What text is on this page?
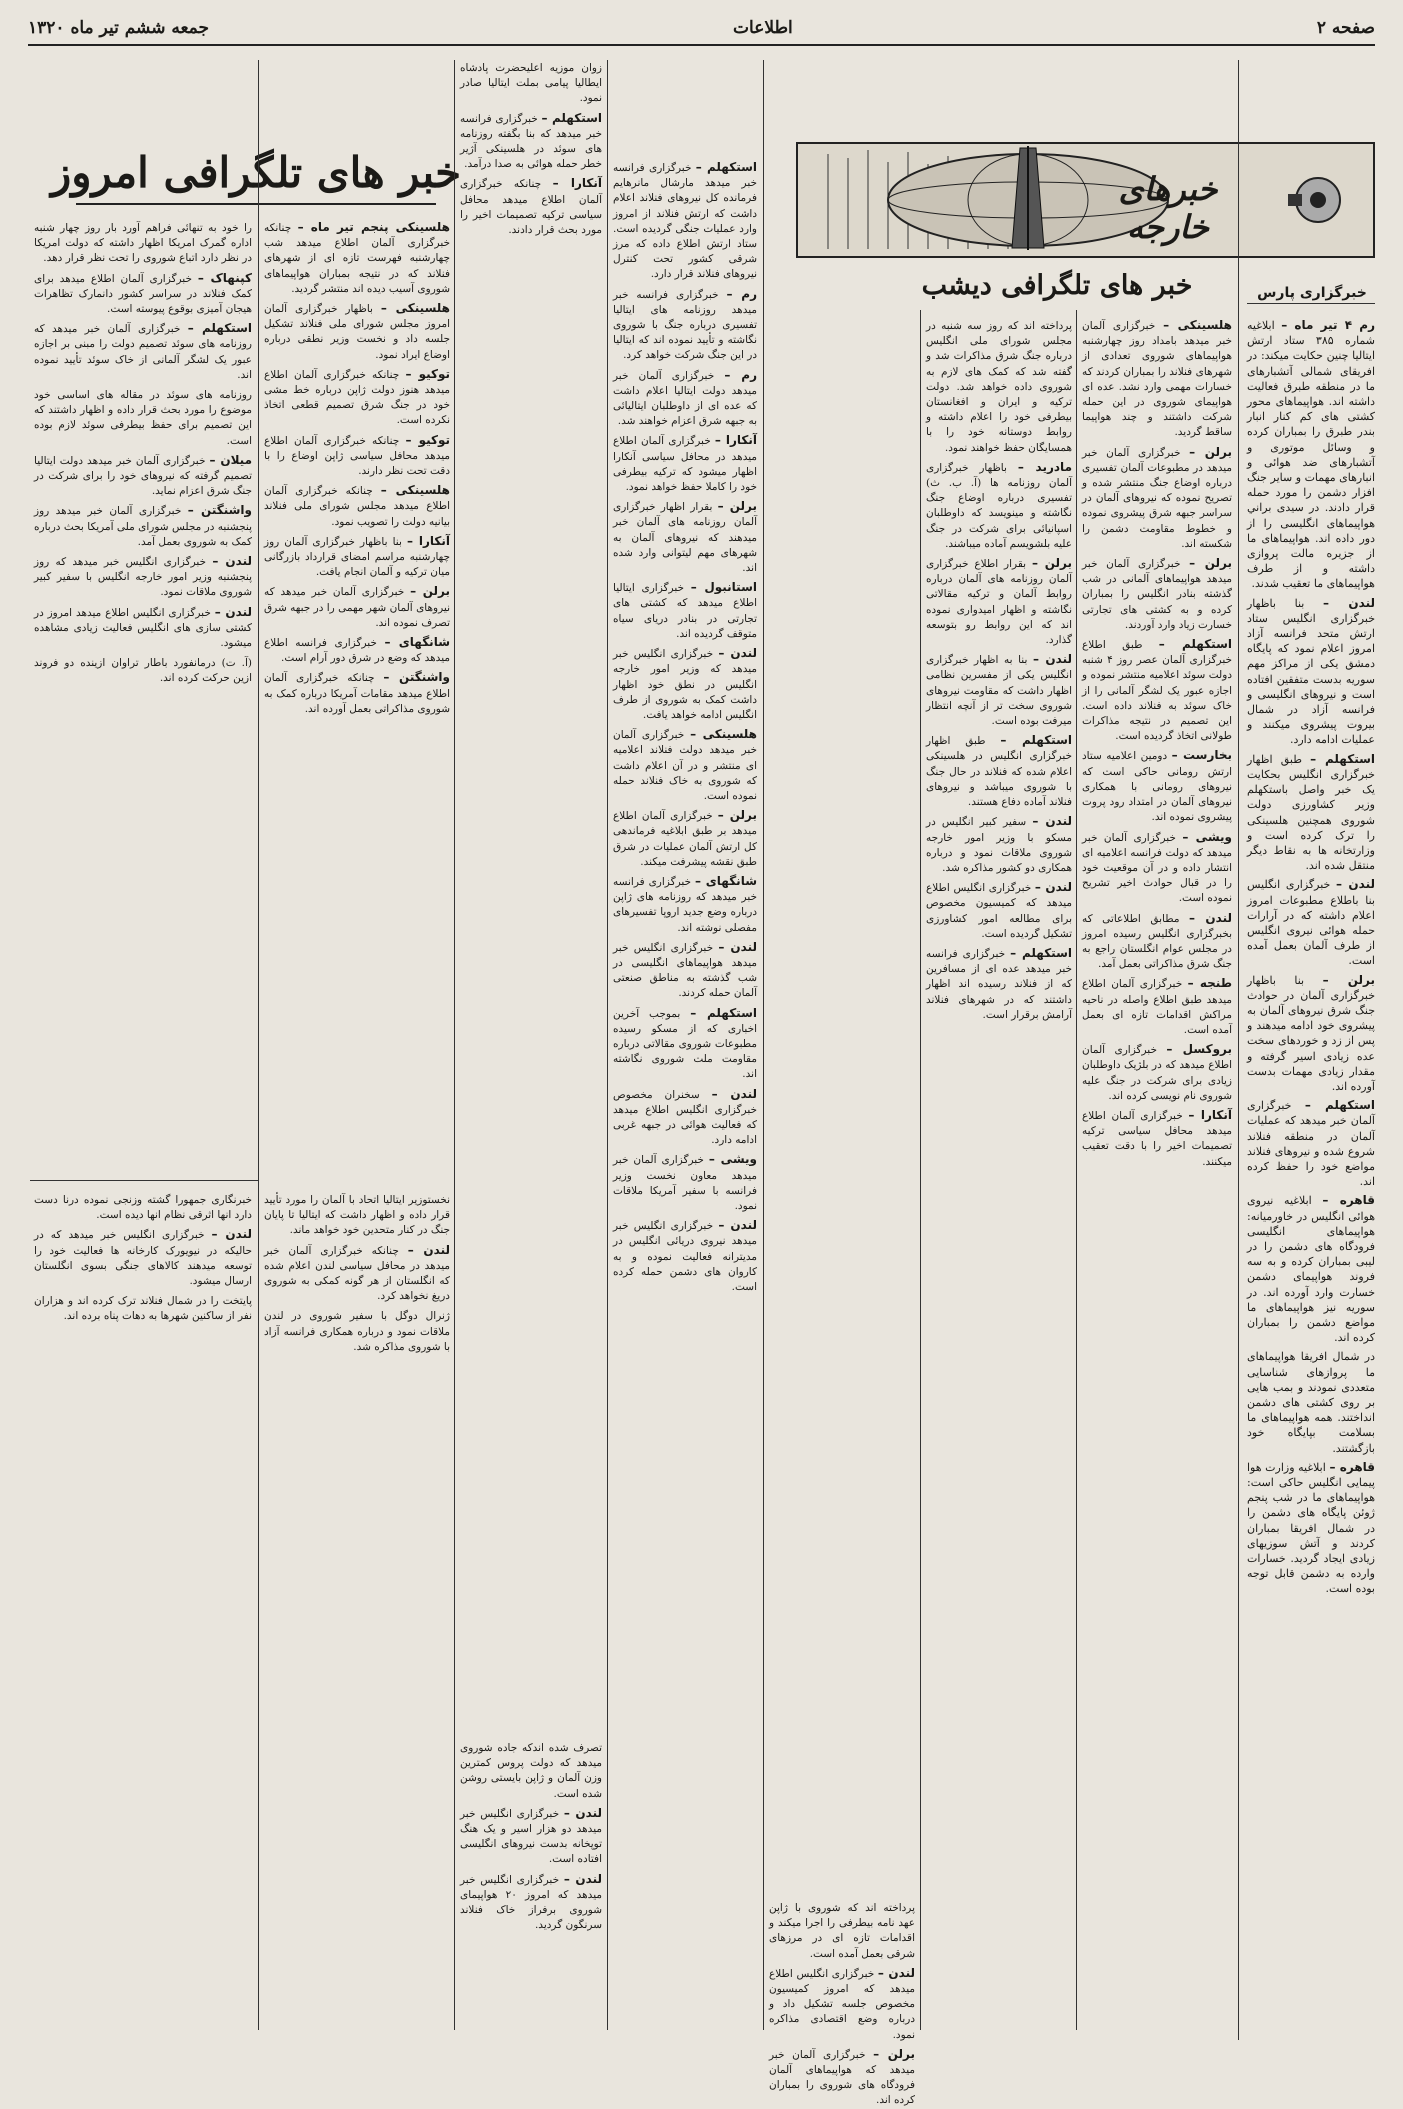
صفحه ۲
اطلاعات
جمعه ششم تیر ماه ۱۳۲۰
خبرهای خارجه
خبرگزاری پارس
خبر های تلگرافی دیشب
خبر های تلگرافی امروز
رم ۴ تیر ماه – ابلاغیه شماره ۳۸۵ ستاد ارتش ایتالیا چنین حکایت میکند: در افریقای شمالی آتشبارهای ما در منطقه طبرق فعالیت داشته اند. هواپیماهای محور کشتی های کم کنار انبار بندر طبرق را بمباران کرده و وسائل موتوری و آتشبارهای ضد هوائی و انبارهای مهمات و سایر جنگ افزار دشمن را مورد حمله قرار دادند. در سیدی براني هواپیماهای انگلیسی را از دور داده اند. هواپیماهای ما از جزیره مالت پروازی داشته و از طرف هواپیماهای ما تعقیب شدند.
لندن – بنا باظهار خبرگزاری انگلیس ستاد ارتش متحد فرانسه آزاد امروز اعلام نمود که پایگاه دمشق یکی از مراکز مهم سوریه بدست متفقین افتاده است و نیروهای انگلیسی و فرانسه آزاد در شمال بیروت پیشروی میکنند و عملیات ادامه دارد.
استکهلم – طبق اظهار خبرگزاری انگلیس بحکایت یک خبر واصل باستکهلم وزیر کشاورزی دولت شوروی همچنین هلسینکی را ترک کرده است و وزارتخانه ها به نقاط دیگر منتقل شده اند.
لندن – خبرگزاری انگلیس بنا باطلاع مطبوعات امروز اعلام داشته که در آرارات حمله هوائی نیروی انگلیس از طرف آلمان بعمل آمده است.
برلن – بنا باظهار خبرگزاری آلمان در حوادث جنگ شرق نیروهای آلمان به پیشروی خود ادامه میدهند و پس از زد و خوردهای سخت عده زیادی اسیر گرفته و مقدار زیادی مهمات بدست آورده اند.
استکهلم – خبرگزاری آلمان خبر میدهد که عملیات آلمان در منطقه فنلاند شروع شده و نیروهای فنلاند مواضع خود را حفظ کرده اند.
قاهره – ابلاغیه نیروی هوائی انگلیس در خاورمیانه: هواپیماهای انگلیسی فرودگاه های دشمن را در لیبی بمباران کرده و به سه فروند هواپیمای دشمن خسارت وارد آورده اند. در سوریه نیز هواپیماهای ما مواضع دشمن را بمباران کرده اند.
در شمال افریقا هواپیماهای ما پروازهای شناسایی متعددی نمودند و بمب هایی بر روی کشتی های دشمن انداختند. همه هواپیماهای ما بسلامت بپایگاه خود بازگشتند.
قاهره – ابلاغیه وزارت هوا پیمایی انگلیس حاکی است: هواپیماهای ما در شب پنجم ژوئن پایگاه های دشمن را در شمال افریقا بمباران کردند و آتش سوزیهای زیادی ایجاد گردید. خسارات وارده به دشمن قابل توجه بوده است.
هلسینکی – خبرگزاری آلمان خبر میدهد بامداد روز چهارشنبه هواپیماهای شوروی تعدادی از شهرهای فنلاند را بمباران کردند که خسارات مهمی وارد نشد. عده ای هواپیمای شوروی در این حمله شرکت داشتند و چند هواپیما ساقط گردید.
برلن – خبرگزاری آلمان خبر میدهد در مطبوعات آلمان تفسیری درباره اوضاع جنگ منتشر شده و تصریح نموده که نیروهای آلمان در سراسر جبهه شرق پیشروی نموده و خطوط مقاومت دشمن را شکسته اند.
برلن – خبرگزاری آلمان خبر میدهد هواپیماهای آلمانی در شب گذشته بنادر انگلیس را بمباران کرده و به کشتی های تجارتی خسارت زیاد وارد آوردند.
استکهلم – طبق اطلاع خبرگزاری آلمان عصر روز ۴ شنبه دولت سوئد اعلامیه منتشر نموده و اجازه عبور یک لشگر آلمانی را از خاک سوئد به فنلاند داده است. این تصمیم در نتیجه مذاکرات طولانی اتخاذ گردیده است.
بخارست – دومین اعلامیه ستاد ارتش رومانی حاکی است که نیروهای رومانی با همکاری نیروهای آلمان در امتداد رود پروت پیشروی نموده اند.
ویشی – خبرگزاری آلمان خبر میدهد که دولت فرانسه اعلامیه ای انتشار داده و در آن موقعیت خود را در قبال حوادث اخیر تشریح نموده است.
لندن – مطابق اطلاعاتی که بخبرگزاری انگلیس رسیده امروز در مجلس عوام انگلستان راجع به جنگ شرق مذاکراتی بعمل آمد.
طنجه – خبرگزاری آلمان اطلاع میدهد طبق اطلاع واصله در ناحیه مراکش اقدامات تازه ای بعمل آمده است.
بروکسل – خبرگزاری آلمان اطلاع میدهد که در بلژیک داوطلبان زیادی برای شرکت در جنگ علیه شوروی نام نویسی کرده اند.
آنکارا – خبرگزاری آلمان اطلاع میدهد محافل سیاسی ترکیه تصمیمات اخیر را با دقت تعقیب میکنند.
پرداخته اند که روز سه شنبه در مجلس شورای ملی انگلیس درباره جنگ شرق مذاکرات شد و گفته شد که کمک های لازم به شوروی داده خواهد شد. دولت ترکیه و ایران و افغانستان بیطرفی خود را اعلام داشته و روابط دوستانه خود را با همسایگان حفظ خواهند نمود.
مادرید – باظهار خبرگزاری آلمان روزنامه ها (آ. ب. ث) تفسیری درباره اوضاع جنگ نگاشته و مینویسد که داوطلبان اسپانیائی برای شرکت در جنگ علیه بلشویسم آماده میباشند.
برلن – بقرار اطلاع خبرگزاری آلمان روزنامه های آلمان درباره روابط آلمان و ترکیه مقالاتی نگاشته و اظهار امیدواری نموده اند که این روابط رو بتوسعه گذارد.
لندن – بنا به اظهار خبرگزاری انگلیس یکی از مفسرین نظامی اظهار داشت که مقاومت نیروهای شوروی سخت تر از آنچه انتظار میرفت بوده است.
استکهلم – طبق اظهار خبرگزاری انگلیس در هلسینکی اعلام شده که فنلاند در حال جنگ با شوروی میباشد و نیروهای فنلاند آماده دفاع هستند.
لندن – سفیر کبیر انگلیس در مسکو با وزیر امور خارجه شوروی ملاقات نمود و درباره همکاری دو کشور مذاکره شد.
لندن – خبرگزاری انگلیس اطلاع میدهد که کمیسیون مخصوص برای مطالعه امور کشاورزی تشکیل گردیده است.
استکهلم – خبرگزاری فرانسه خبر میدهد عده ای از مسافرین که از فنلاند رسیده اند اظهار داشتند که در شهرهای فنلاند آرامش برقرار است.
استکهلم – خبرگزاری فرانسه خبر میدهد مارشال مانرهایم فرمانده کل نیروهای فنلاند اعلام داشت که ارتش فنلاند از امروز وارد عملیات جنگی گردیده است. ستاد ارتش اطلاع داده که مرز شرقی کشور تحت کنترل نیروهای فنلاند قرار دارد.
رم – خبرگزاری فرانسه خبر میدهد روزنامه های ایتالیا تفسیری درباره جنگ با شوروی نگاشته و تأیید نموده اند که ایتالیا در این جنگ شرکت خواهد کرد.
رم – خبرگزاری آلمان خبر میدهد دولت ایتالیا اعلام داشت که عده ای از داوطلبان ایتالیائی به جبهه شرق اعزام خواهند شد.
آنکارا – خبرگزاری آلمان اطلاع میدهد در محافل سیاسی آنکارا اظهار میشود که ترکیه بیطرفی خود را کاملا حفظ خواهد نمود.
برلن – بقرار اظهار خبرگزاری آلمان روزنامه های آلمان خبر میدهند که نیروهای آلمان به شهرهای مهم لیتوانی وارد شده اند.
استانبول – خبرگزاری ایتالیا اطلاع میدهد که کشتی های تجارتی در بنادر دریای سیاه متوقف گردیده اند.
لندن – خبرگزاری انگلیس خبر میدهد که وزیر امور خارجه انگلیس در نطق خود اظهار داشت کمک به شوروی از طرف انگلیس ادامه خواهد یافت.
هلسینکی – خبرگزاری آلمان خبر میدهد دولت فنلاند اعلامیه ای منتشر و در آن اعلام داشت که شوروی به خاک فنلاند حمله نموده است.
برلن – خبرگزاری آلمان اطلاع میدهد بر طبق ابلاغیه فرماندهی کل ارتش آلمان عملیات در شرق طبق نقشه پیشرفت میکند.
شانگهای – خبرگزاری فرانسه خبر میدهد که روزنامه های ژاپن درباره وضع جدید اروپا تفسیرهای مفصلی نوشته اند.
لندن – خبرگزاری انگلیس خبر میدهد هواپیماهای انگلیسی در شب گذشته به مناطق صنعتی آلمان حمله کردند.
استکهلم – بموجب آخرین اخباری که از مسکو رسیده مطبوعات شوروی مقالاتی درباره مقاومت ملت شوروی نگاشته اند.
لندن – سخنران مخصوص خبرگزاری انگلیس اطلاع میدهد که فعالیت هوائی در جبهه غربی ادامه دارد.
ویشی – خبرگزاری آلمان خبر میدهد معاون نخست وزیر فرانسه با سفیر آمریکا ملاقات نمود.
لندن – خبرگزاری انگلیس خبر میدهد نیروی دریائی انگلیس در مدیترانه فعالیت نموده و به کاروان های دشمن حمله کرده است.
هلسینکی پنجم تیر ماه – چنانکه خبرگزاری آلمان اطلاع میدهد شب چهارشنبه فهرست تازه ای از شهرهای فنلاند که در نتیجه بمباران هواپیماهای شوروی آسیب دیده اند منتشر گردید.
هلسینکی – باظهار خبرگزاری آلمان امروز مجلس شورای ملی فنلاند تشکیل جلسه داد و نخست وزیر نطقی درباره اوضاع ایراد نمود.
توکیو – چنانکه خبرگزاری آلمان اطلاع میدهد هنوز دولت ژاپن درباره خط مشی خود در جنگ شرق تصمیم قطعی اتخاذ نکرده است.
توکیو – چنانکه خبرگزاری آلمان اطلاع میدهد محافل سیاسی ژاپن اوضاع را با دقت تحت نظر دارند.
هلسینکی – چنانکه خبرگزاری آلمان اطلاع میدهد مجلس شورای ملی فنلاند بیانیه دولت را تصویب نمود.
آنکارا – بنا باظهار خبرگزاری آلمان روز چهارشنبه مراسم امضای قرارداد بازرگانی میان ترکیه و آلمان انجام یافت.
برلن – خبرگزاری آلمان خبر میدهد که نیروهای آلمان شهر مهمی را در جبهه شرق تصرف نموده اند.
شانگهای – خبرگزاری فرانسه اطلاع میدهد که وضع در شرق دور آرام است.
واشنگتن – چنانکه خبرگزاری آلمان اطلاع میدهد مقامات آمریکا درباره کمک به شوروی مذاکراتی بعمل آورده اند.
را خود به تنهائی فراهم آورد بار روز چهار شنبه اداره گمرک امریکا اظهار داشته که دولت امریکا در نظر دارد اتباع شوروی را تحت نظر قرار دهد.
کپنهاک – خبرگزاری آلمان اطلاع میدهد برای کمک فنلاند در سراسر کشور دانمارک تظاهرات هیجان آمیزی بوقوع پیوسته است.
استکهلم – خبرگزاری آلمان خبر میدهد که روزنامه های سوئد تصمیم دولت را مبنی بر اجازه عبور یک لشگر آلمانی از خاک سوئد تأیید نموده اند.
روزنامه های سوئد در مقاله های اساسی خود موضوع را مورد بحث قرار داده و اظهار داشتند که این تصمیم برای حفظ بیطرفی سوئد لازم بوده است.
میلان – خبرگزاری آلمان خبر میدهد دولت ایتالیا تصمیم گرفته که نیروهای خود را برای شرکت در جنگ شرق اعزام نماید.
واشنگتن – خبرگزاری آلمان خبر میدهد روز پنجشنبه در مجلس شورای ملی آمریکا بحث درباره کمک به شوروی بعمل آمد.
لندن – خبرگزاری انگلیس خبر میدهد که روز پنجشنبه وزیر امور خارجه انگلیس با سفیر کبیر شوروی ملاقات نمود.
لندن – خبرگزاری انگلیس اطلاع میدهد امروز در کشتی سازی های انگلیس فعالیت زیادی مشاهده میشود.
(آ. ت) درمانفورد باطار تراوان ازینده دو فروند ازین حرکت کرده اند.
خبرنگاری جمهورا گشته وزنجی نموده درنا دست دارد انها اثرقی نظام انها دیده است.
لندن – خبرگزاری انگلیس خبر میدهد که در حالیکه در نیویورک کارخانه ها فعالیت خود را توسعه میدهند کالاهای جنگی بسوی انگلستان ارسال میشود.
پایتخت را در شمال فنلاند ترک کرده اند و هزاران نفر از ساکنین شهرها به دهات پناه برده اند.
نخستوزیر ایتالیا اتحاد با آلمان را مورد تأیید قرار داده و اظهار داشت که ایتالیا تا پایان جنگ در کنار متحدین خود خواهد ماند.
لندن – چنانکه خبرگزاری آلمان خبر میدهد در محافل سیاسی لندن اعلام شده که انگلستان از هر گونه کمکی به شوروی دریغ نخواهد کرد.
ژنرال دوگل با سفیر شوروی در لندن ملاقات نمود و درباره همکاری فرانسه آزاد با شوروی مذاکره شد.
تصرف شده اندکه جاده شوروی میدهد که دولت پروس کمترین وزن آلمان و ژاپن بایستی روشن شده است.
لندن – خبرگزاری انگلیس خبر میدهد دو هزار اسیر و یک هنگ توپخانه بدست نیروهای انگلیسی افتاده است.
لندن – خبرگزاری انگلیس خبر میدهد که امروز ۲۰ هواپیمای شوروی برفراز خاک فنلاند سرنگون گردید.
زوان موزیه اعلیحضرت پادشاه ایطالیا پیامی بملت ایتالیا صادر نمود.
استکهلم – خبرگزاری فرانسه خبر میدهد که بنا بگفته روزنامه های سوئد در هلسینکی آژیر خطر حمله هوائی به صدا درآمد.
آنکارا – چنانکه خبرگزاری آلمان اطلاع میدهد محافل سیاسی ترکیه تصمیمات اخیر را مورد بحث قرار دادند.
پرداخته اند که شوروی با ژاپن عهد نامه بیطرفی را اجرا میکند و اقدامات تازه ای در مرزهای شرقی بعمل آمده است.
لندن – خبرگزاری انگلیس اطلاع میدهد که امروز کمیسیون مخصوص جلسه تشکیل داد و درباره وضع اقتصادی مذاکره نمود.
برلن – خبرگزاری آلمان خبر میدهد که هواپیماهای آلمان فرودگاه های شوروی را بمباران کرده اند.
